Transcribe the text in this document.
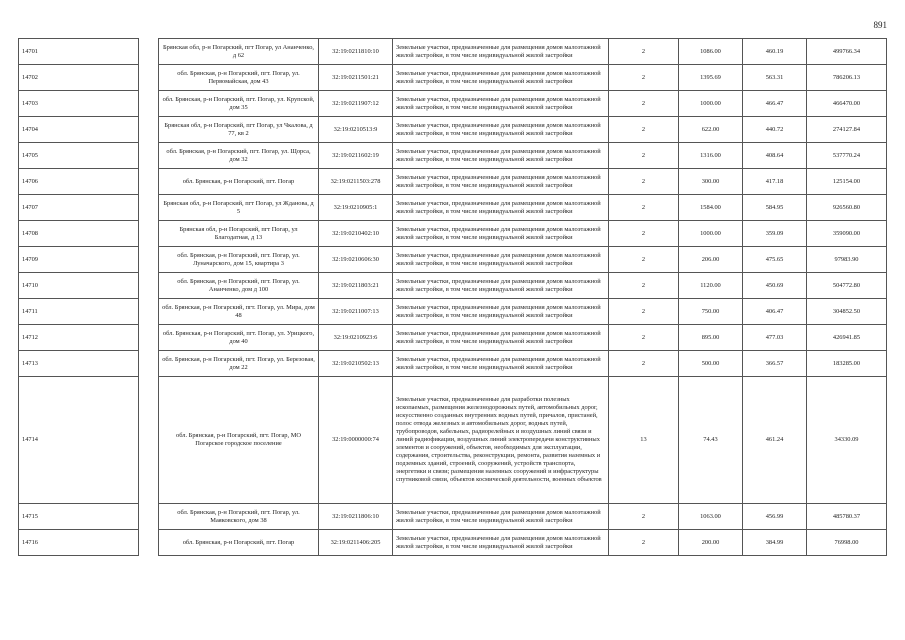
891
14701		Брянская обл, р-н Погарский, пгт Погар, ул Ананченко, д 62	32:19:0211810:10	Земельные участки, предназначенные для размещения домов малоэтажной жилой застройки, в том числе индивидуальной жилой застройки	2	1086.00	460.19	499766.34
14702		обл. Брянская, р-н Погарский, пгт. Погар, ул. Первомайская, дом 43	32:19:0211501:21	Земельные участки, предназначенные для размещения домов малоэтажной жилой застройки, в том числе индивидуальной жилой застройки	2	1395.69	563.31	786206.13
14703		обл. Брянская, р-н Погарский, пгт. Погар, ул. Крупской, дом 35	32:19:0211907:12	Земельные участки, предназначенные для размещения домов малоэтажной жилой застройки, в том числе индивидуальной жилой застройки	2	1000.00	466.47	466470.00
14704		Брянская обл, р-н Погарский, пгт Погар, ул Чкалова, д 77, кв 2	32:19:0210513:9	Земельные участки, предназначенные для размещения домов малоэтажной жилой застройки, в том числе индивидуальной жилой застройки	2	622.00	440.72	274127.84
14705		обл. Брянская, р-н Погарский, пгт. Погар, ул. Щорса, дом 32	32:19:0211602:19	Земельные участки, предназначенные для размещения домов малоэтажной жилой застройки, в том числе индивидуальной жилой застройки	2	1316.00	408.64	537770.24
14706		обл. Брянская, р-н Погарский, пгт. Погар	32:19:0211503:278	Земельные участки, предназначенные для размещения домов малоэтажной жилой застройки, в том числе индивидуальной жилой застройки	2	300.00	417.18	125154.00
14707		Брянская обл, р-н Погарский, пгт Погар, ул Жданова, д 5	32:19:0210905:1	Земельные участки, предназначенные для размещения домов малоэтажной жилой застройки, в том числе индивидуальной жилой застройки	2	1584.00	584.95	926560.80
14708		Брянская обл, р-н Погарский, пгт Погар, ул Благодатная, д 13	32:19:0210402:10	Земельные участки, предназначенные для размещения домов малоэтажной жилой застройки, в том числе индивидуальной жилой застройки	2	1000.00	359.09	359090.00
14709		обл. Брянская, р-н Погарский, пгт. Погар, ул. Луначарского, дом 15, квартира 3	32:19:0210606:30	Земельные участки, предназначенные для размещения домов малоэтажной жилой застройки, в том числе индивидуальной жилой застройки	2	206.00	475.65	97983.90
14710		обл. Брянская, р-н Погарский, пгт. Погар, ул. Ананченко, дом д 100	32:19:0211803:21	Земельные участки, предназначенные для размещения домов малоэтажной жилой застройки, в том числе индивидуальной жилой застройки	2	1120.00	450.69	504772.80
14711		обл. Брянская, р-н Погарский, пгт. Погар, ул. Мира, дом 48	32:19:0211007:13	Земельные участки, предназначенные для размещения домов малоэтажной жилой застройки, в том числе индивидуальной жилой застройки	2	750.00	406.47	304852.50
14712		обл. Брянская, р-н Погарский, пгт. Погар, ул. Урицкого, дом 40	32:19:0210923:6	Земельные участки, предназначенные для размещения домов малоэтажной жилой застройки, в том числе индивидуальной жилой застройки	2	895.00	477.03	426941.85
14713		обл. Брянская, р-н Погарский, пгт. Погар, ул. Березовая, дом 22	32:19:0210502:13	Земельные участки, предназначенные для размещения домов малоэтажной жилой застройки, в том числе индивидуальной жилой застройки	2	500.00	366.57	183285.00
14714		обл. Брянская, р-н Погарский, пгт. Погар, МО Погарское городское поселение	32:19:0000000:74	Земельные участки, предназначенные для разработки полезных ископаемых, размещения железнодорожных путей, автомобильных дорог, искусственно созданных внутренних водных путей, причалов, пристаней, полос отвода железных и автомобильных дорог, водных путей, трубопроводов, кабельных, радиорелейных и воздушных линий связи и линий радиофикации, воздушных линий электропередачи конструктивных элементов и сооружений, объектов, необходимых для эксплуатации, содержания, строительства, реконструкции, ремонта, развития наземных и подземных зданий, строений, сооружений, устройств транспорта, энергетики и связи; размещения наземных сооружений и инфраструктуры спутниковой связи, объектов космической деятельности, военных объектов	13	74.43	461.24	34330.09
14715		обл. Брянская, р-н Погарский, пгт. Погар, ул. Маяковского, дом 38	32:19:0211806:10	Земельные участки, предназначенные для размещения домов малоэтажной жилой застройки, в том числе индивидуальной жилой застройки	2	1063.00	456.99	485780.37
14716		обл. Брянская, р-н Погарский, пгт. Погар	32:19:0211406:205	Земельные участки, предназначенные для размещения домов малоэтажной жилой застройки, в том числе индивидуальной жилой застройки	2	200.00	384.99	76998.00
